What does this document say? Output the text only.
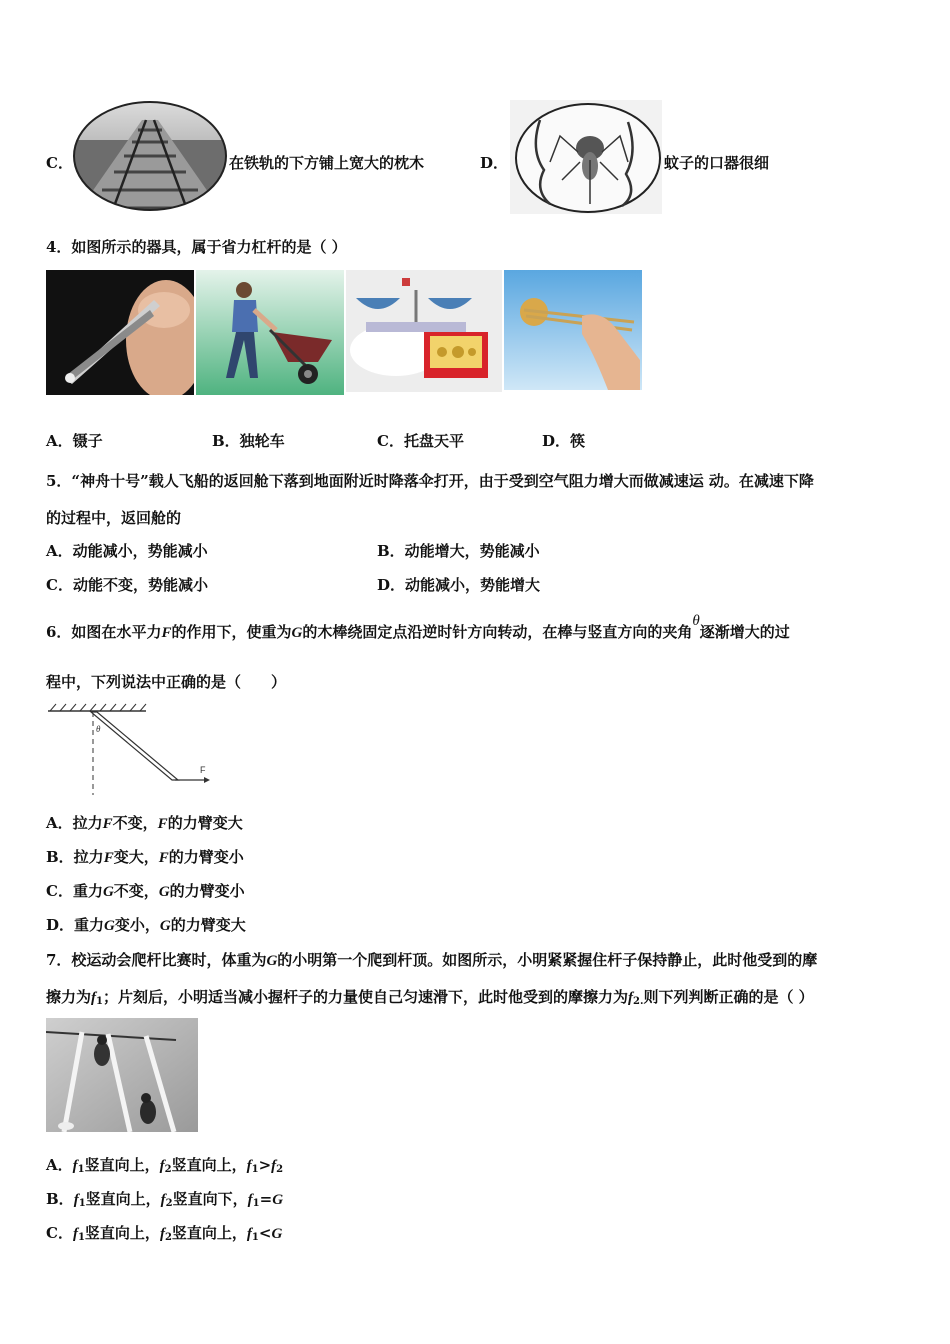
C．	在铁轨的下方铺上宽大的枕木	D．	蚊子的口器很细
4．如图所示的器具，属于省力杠杆的是（ ）
A．镊子	B．独轮车	C．托盘天平	D．筷
5．“神舟十号”载人飞船的返回舱下落到地面附近时降落伞打开，由于受到空气阻力增大而做减速运 动。在减速下降
的过程中，返回舱的
A．动能减小，势能减小	B．动能增大，势能减小
C．动能不变，势能减小	D．动能减小，势能增大
6．如图在水平力F的作用下，使重为G的木棒绕固定点沿逆时针方向转动，在棒与竖直方向的夹角θ逐渐增大的过
程中，下列说法中正确的是（　　）
θ
F
A．拉力F不变，F的力臂变大
B．拉力F变大，F的力臂变小
C．重力G不变，G的力臂变小
D．重力G变小，G的力臂变大
7．校运动会爬杆比赛时，体重为G的小明第一个爬到杆顶。如图所示，小明紧紧握住杆子保持静止，此时他受到的摩
擦力为$f_1$；片刻后，小明适当减小握杆子的力量使自己匀速滑下，此时他受到的摩擦力为$f_{2.}$则下列判断正确的是（ ）
A．$f_1$竖直向上，$f_2$竖直向上，$f_1>f_2$
B．$f_1$竖直向上，$f_2$竖直向下，$f_1=G$
C．$f_1$竖直向上，$f_2$竖直向上，$f_1<G$
